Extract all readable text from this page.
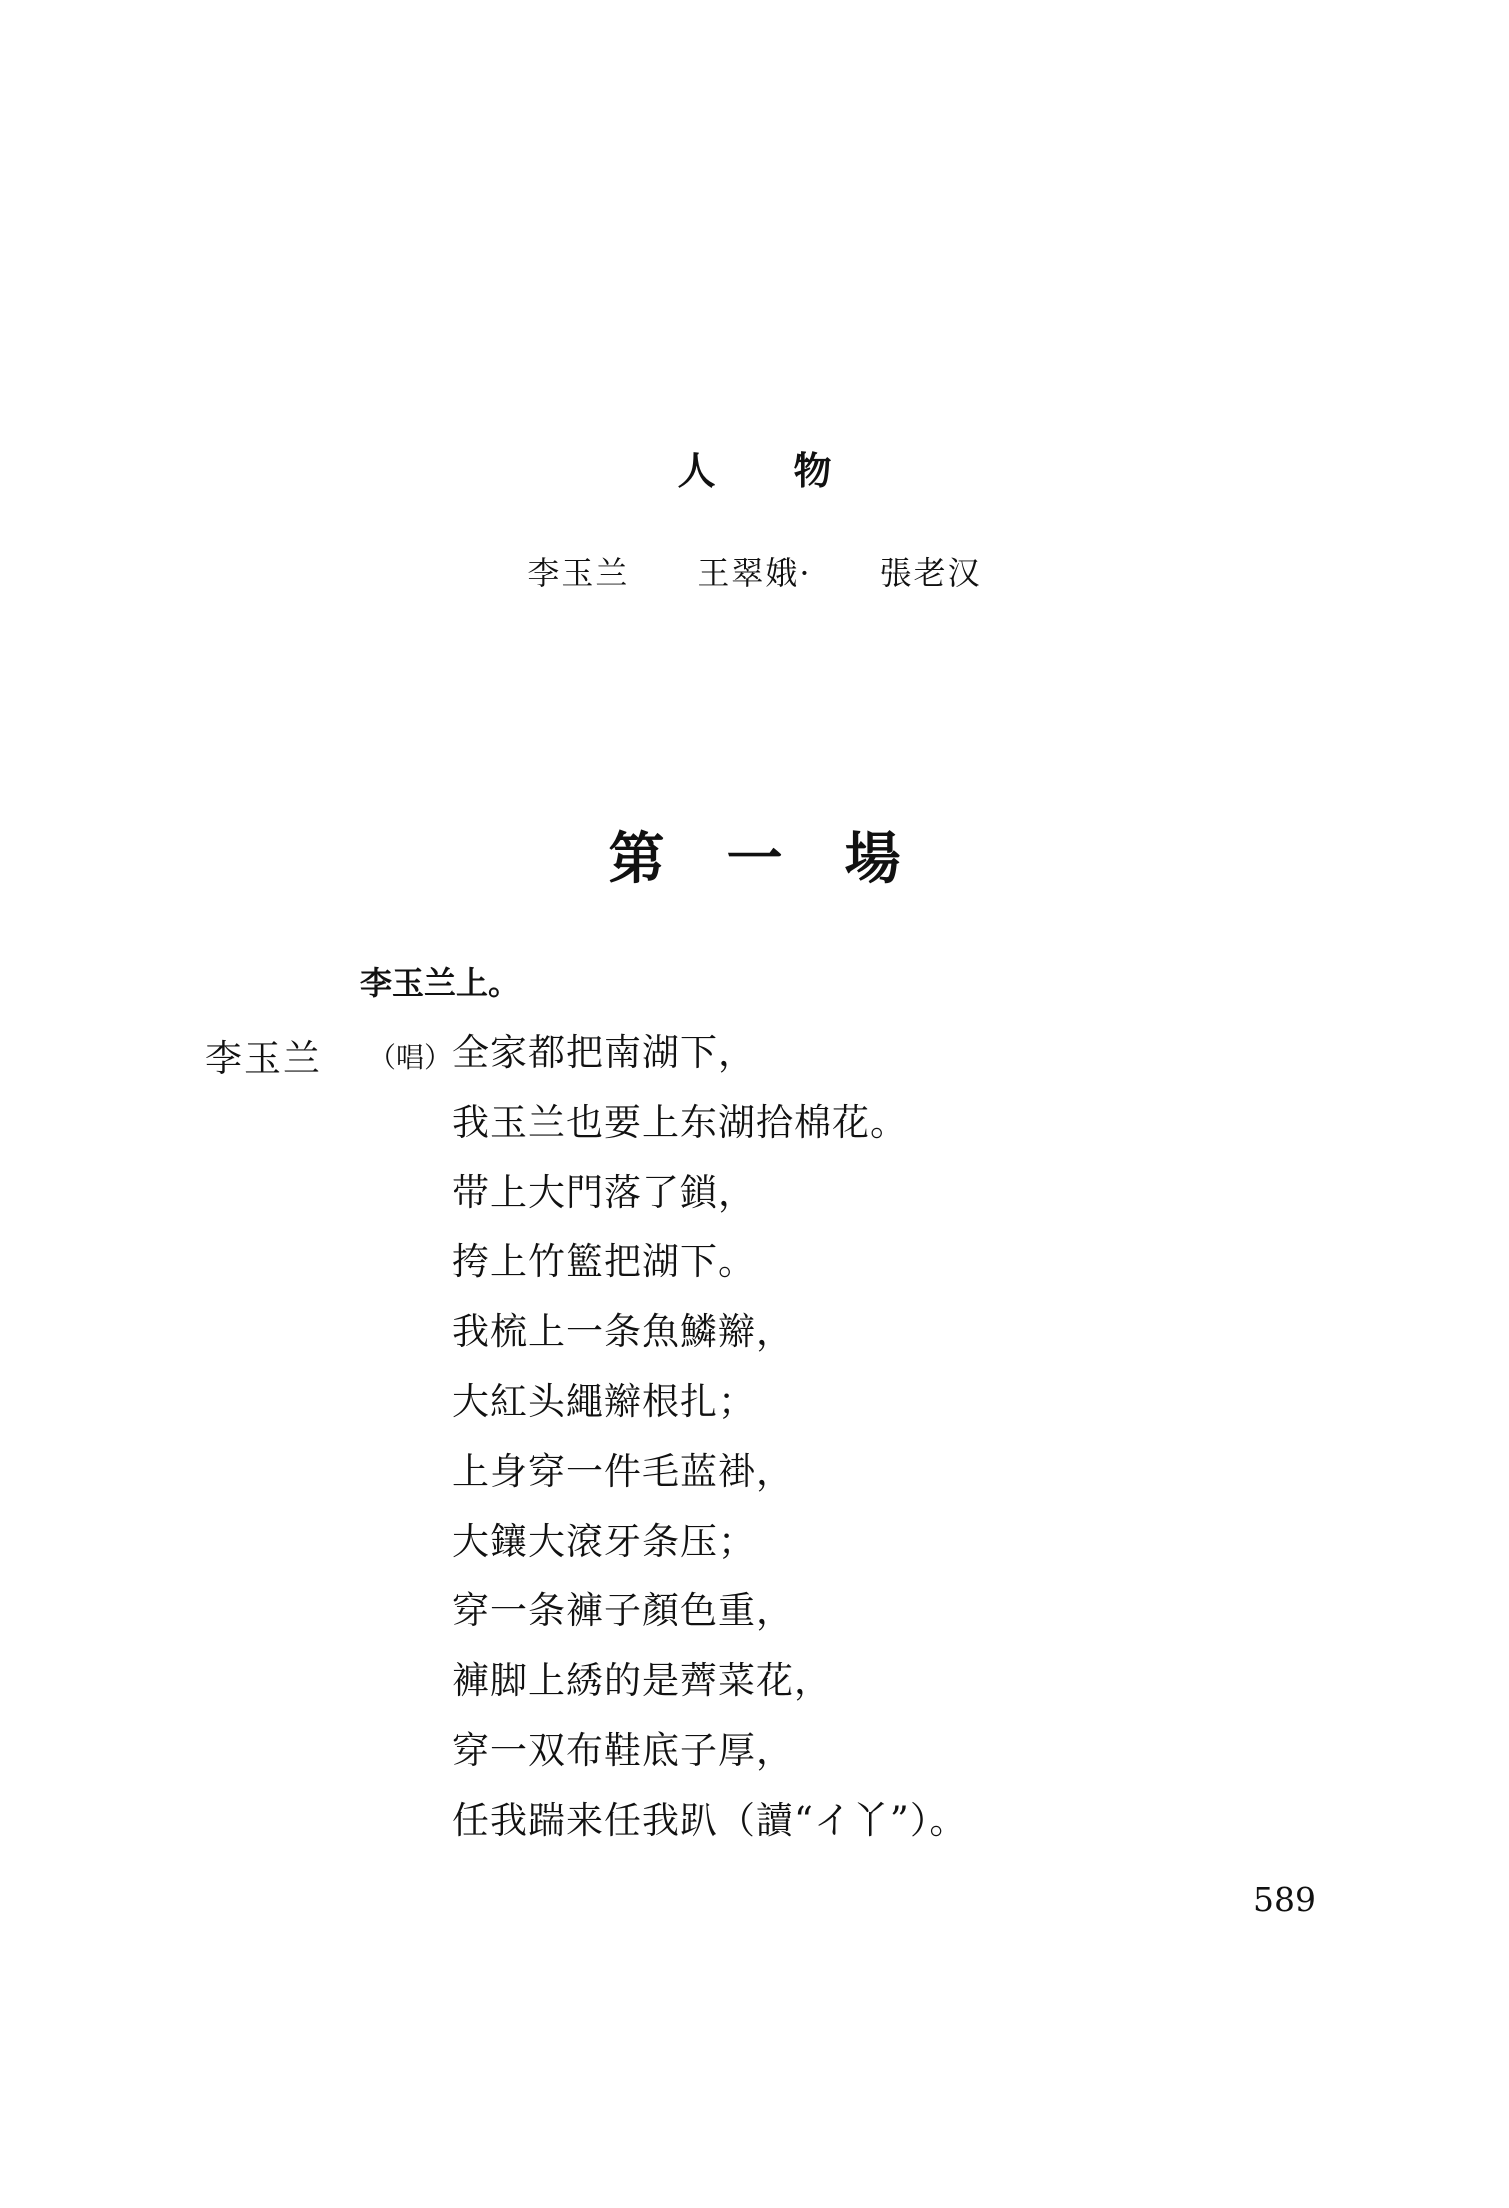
人物
李玉兰 王翠娥· 張老汉
第一場
李玉兰上。
李玉兰 （唱） 全家都把南湖下，
我玉兰也要上东湖拾棉花。
带上大門落了鎖，
挎上竹籃把湖下。
我梳上一条魚鱗辮，
大紅头繩辮根扎；
上身穿一件毛蓝褂，
大鑲大滾牙条压；
穿一条褲子顏色重，
褲脚上綉的是薺菜花，
穿一双布鞋底子厚，
任我踹来任我趴（讀“イ丫”）。
589
